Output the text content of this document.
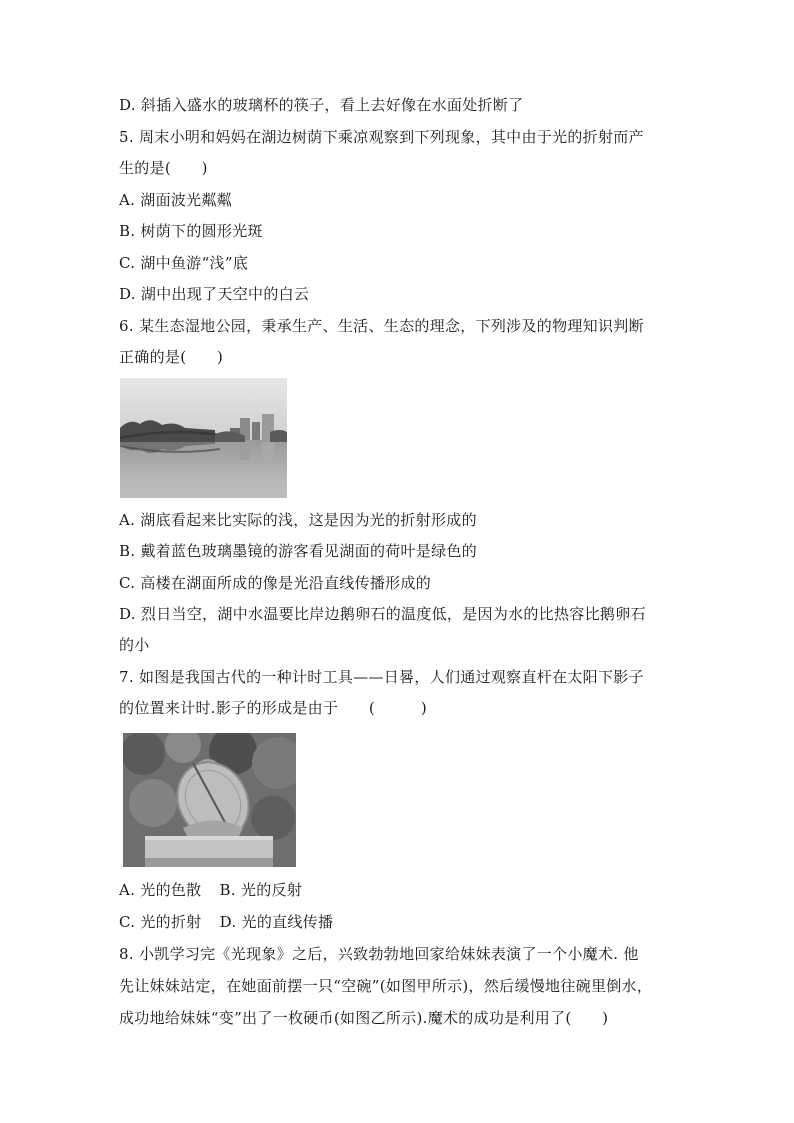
D. 斜插入盛水的玻璃杯的筷子，看上去好像在水面处折断了
5. 周末小明和妈妈在湖边树荫下乘凉观察到下列现象，其中由于光的折射而产
生的是(　　)
A. 湖面波光粼粼
B. 树荫下的圆形光斑
C. 湖中鱼游“浅”底
D. 湖中出现了天空中的白云
6. 某生态湿地公园，秉承生产、生活、生态的理念，下列涉及的物理知识判断
正确的是(　　)
A. 湖底看起来比实际的浅，这是因为光的折射形成的
B. 戴着蓝色玻璃墨镜的游客看见湖面的荷叶是绿色的
C. 高楼在湖面所成的像是光沿直线传播形成的
D. 烈日当空，湖中水温要比岸边鹅卵石的温度低，是因为水的比热容比鹅卵石
的小
7. 如图是我国古代的一种计时工具——日晷，人们通过观察直杆在太阳下影子
的位置来计时.影子的形成是由于　　(　　　)
A. 光的色散 B. 光的反射
C. 光的折射 D. 光的直线传播
8. 小凯学习完《光现象》之后，兴致勃勃地回家给妹妹表演了一个小魔术. 他
先让妹妹站定，在她面前摆一只“空碗”(如图甲所示)，然后缓慢地往碗里倒水，
成功地给妹妹“变”出了一枚硬币(如图乙所示).魔术的成功是利用了(　　)
